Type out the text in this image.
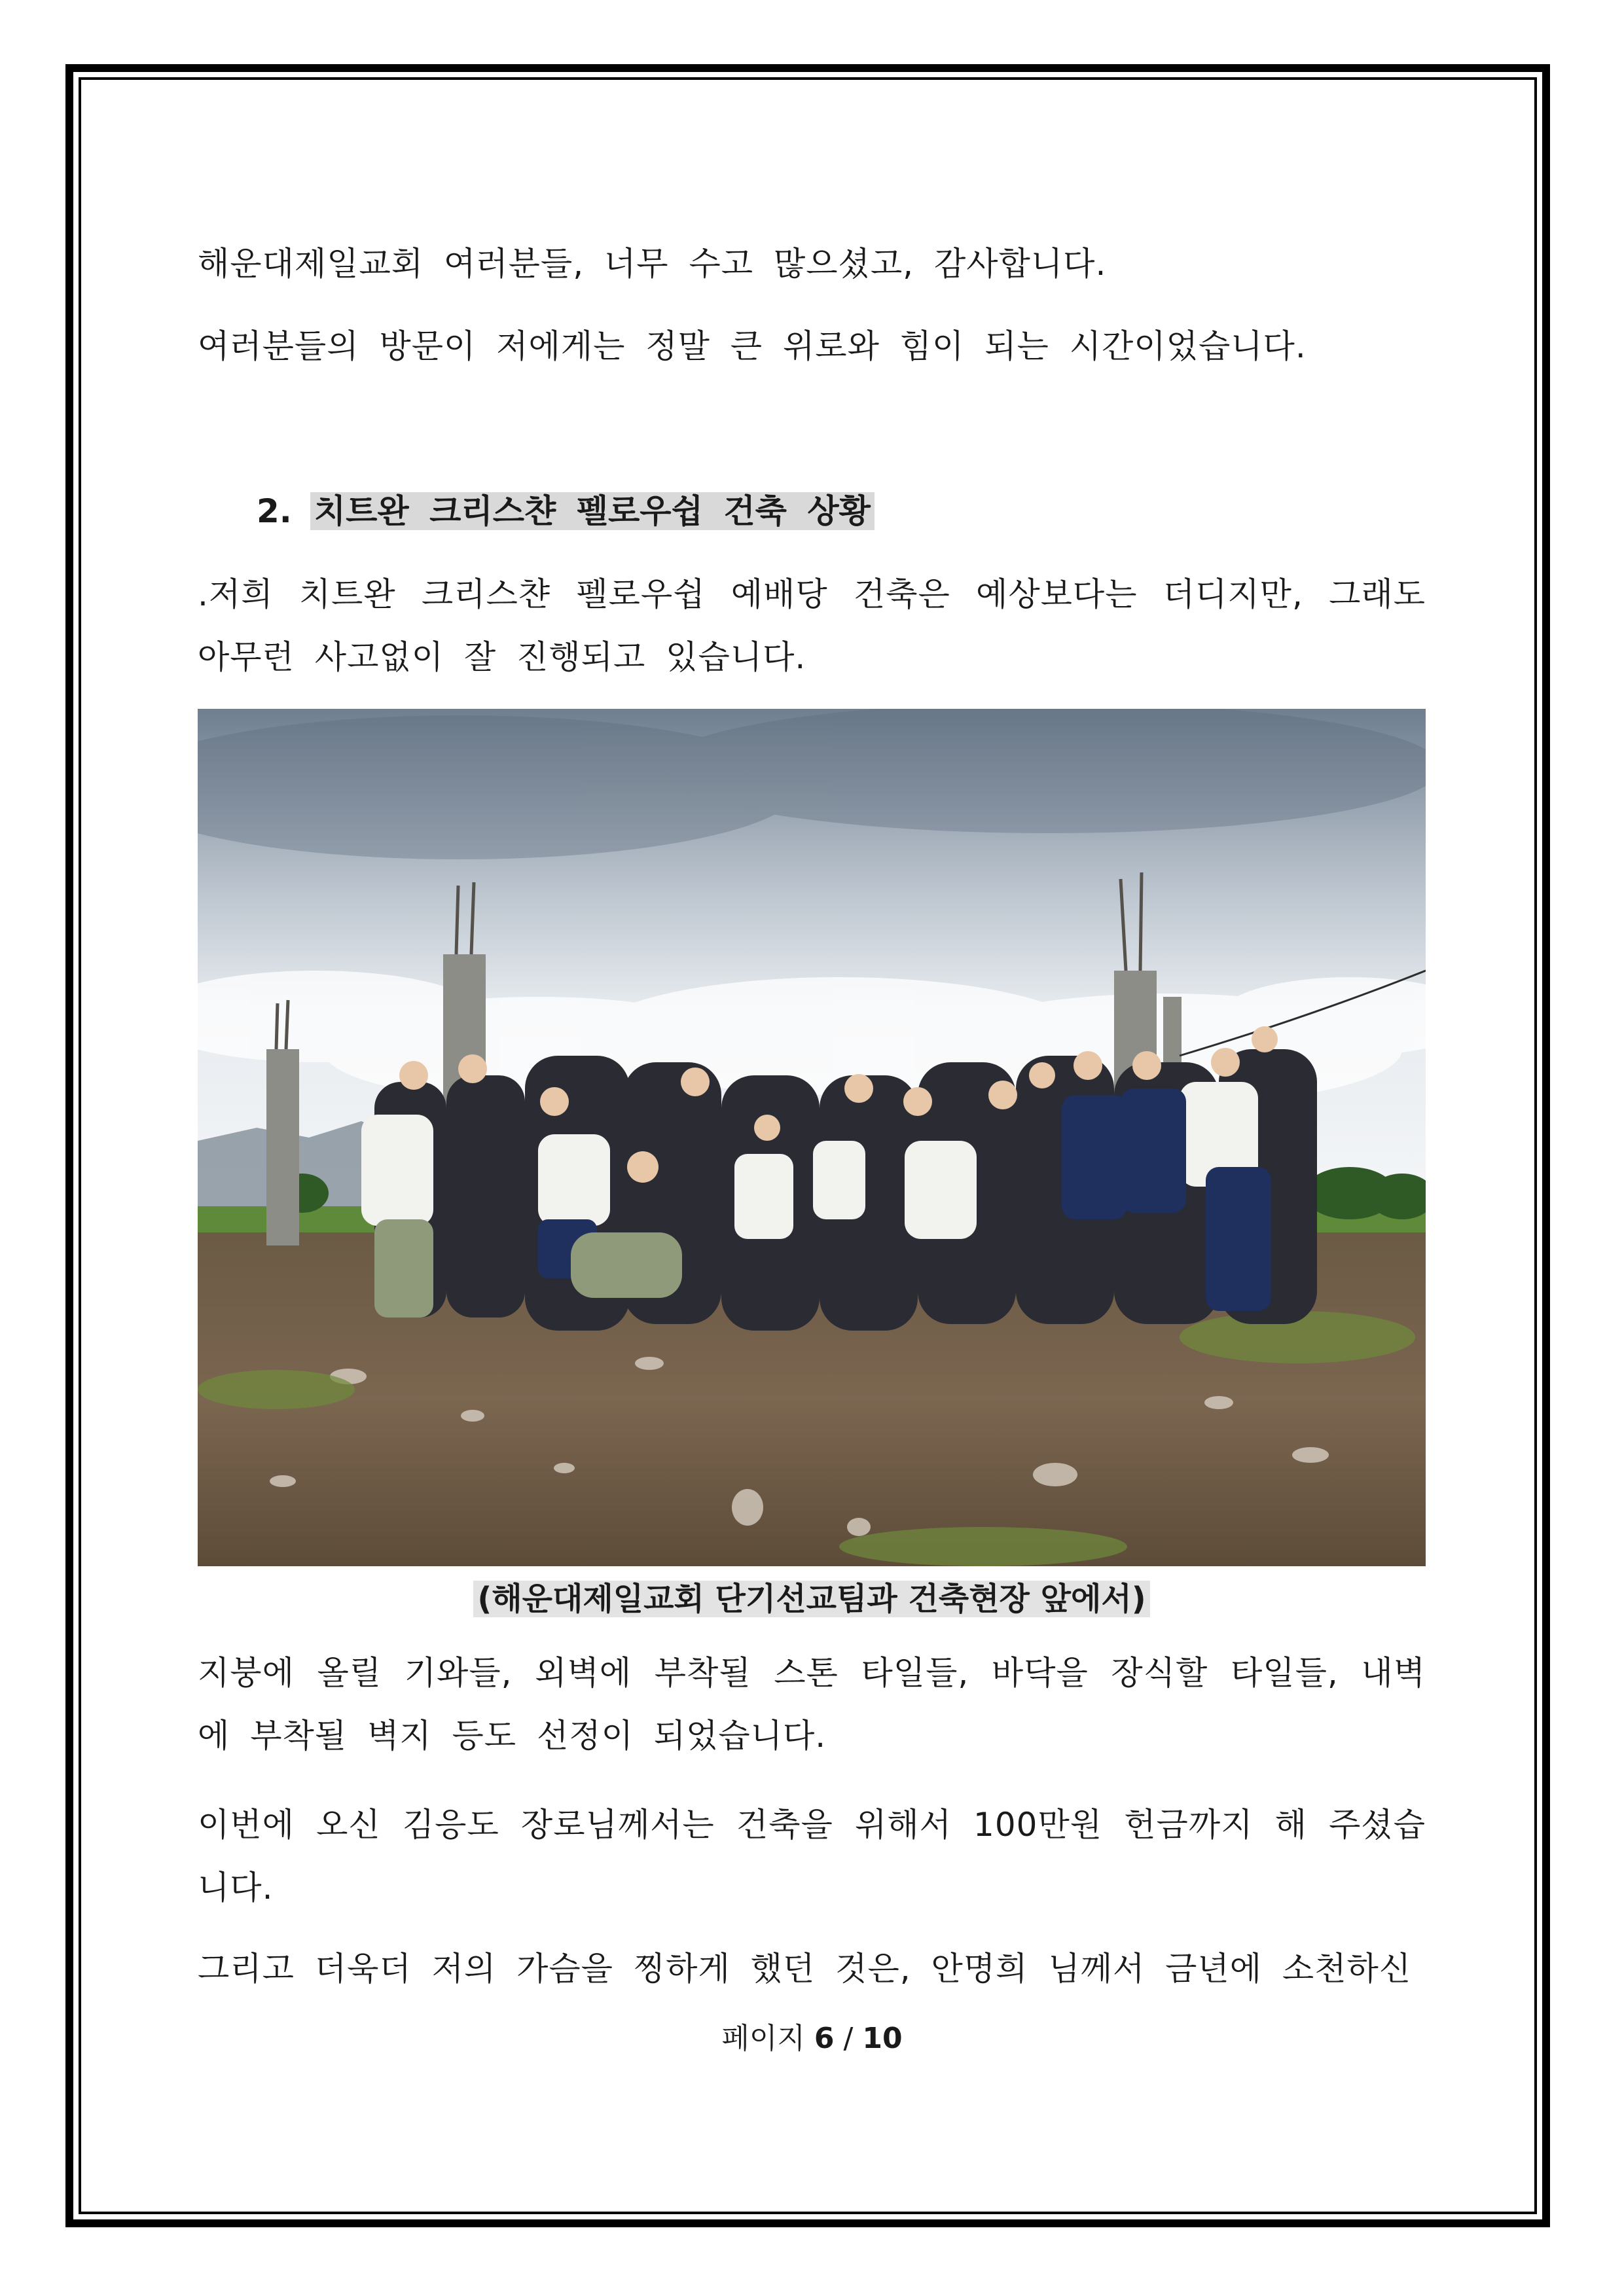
해운대제일교회 여러분들, 너무 수고 많으셨고, 감사합니다.

여러분들의 방문이 저에게는 정말 큰 위로와 힘이 되는 시간이었습니다.

2. 치트완 크리스챤 펠로우쉽 건축 상황

.저희 치트완 크리스챤 펠로우쉽 예배당 건축은 예상보다는 더디지만, 그래도 아무런 사고없이 잘 진행되고 있습니다.

(해운대제일교회 단기선교팀과 건축현장 앞에서)

지붕에 올릴 기와들, 외벽에 부착될 스톤 타일들, 바닥을 장식할 타일들, 내벽에 부착될 벽지 등도 선정이 되었습니다.

이번에 오신 김응도 장로님께서는 건축을 위해서 100만원 헌금까지 해 주셨습니다.

그리고 더욱더 저의 가슴을 찡하게 했던 것은, 안명희 님께서 금년에 소천하신

페이지 6 / 10
